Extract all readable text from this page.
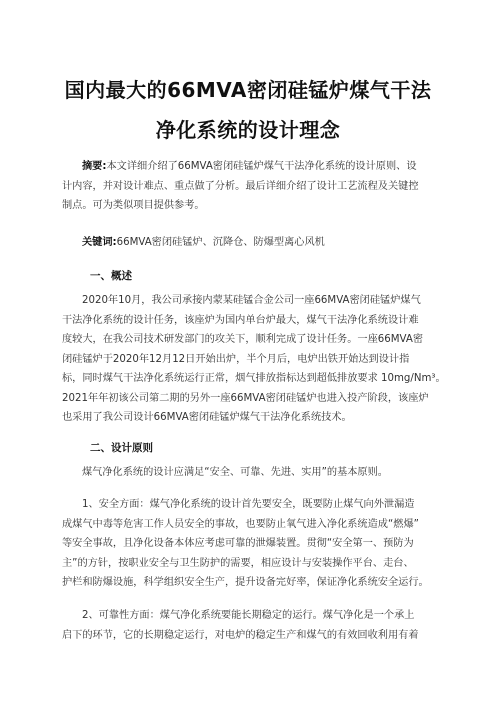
国内最大的66MVA密闭硅锰炉煤气干法
净化系统的设计理念
摘要:本文详细介绍了66MVA密闭硅锰炉煤气干法净化系统的设计原则、设
计内容，并对设计难点、重点做了分析。最后详细介绍了设计工艺流程及关键控
制点。可为类似项目提供参考。
关键词:66MVA密闭硅锰炉、沉降仓、防爆型离心风机
一、概述
2020年10月，我公司承接内蒙某硅锰合金公司一座66MVA密闭硅锰炉煤气
干法净化系统的设计任务，该座炉为国内单台炉最大，煤气干法净化系统设计难
度较大，在我公司技术研发部门的攻关下，顺利完成了设计任务。一座66MVA密
闭硅锰炉于2020年12月12日开始出炉，半个月后，电炉出铁开始达到设计指
标，同时煤气干法净化系统运行正常，烟气排放指标达到超低排放要求 10mg/Nm³。
2021年年初该公司第二期的另外一座66MVA密闭硅锰炉也进入投产阶段，该座炉
也采用了我公司设计66MVA密闭硅锰炉煤气干法净化系统技术。
二、设计原则
煤气净化系统的设计应满足“安全、可靠、先进、实用”的基本原则。
1、安全方面：煤气净化系统的设计首先要安全，既要防止煤气向外泄漏造
成煤气中毒等危害工作人员安全的事故，也要防止氧气进入净化系统造成“燃爆”
等安全事故，且净化设备本体应考虑可靠的泄爆装置。贯彻“安全第一、预防为
主”的方针，按职业安全与卫生防护的需要，相应设计与安装操作平台、走台、
护栏和防爆设施，科学组织安全生产，提升设备完好率，保证净化系统安全运行。
2、可靠性方面：煤气净化系统要能长期稳定的运行。煤气净化是一个承上
启下的环节，它的长期稳定运行，对电炉的稳定生产和煤气的有效回收利用有着
